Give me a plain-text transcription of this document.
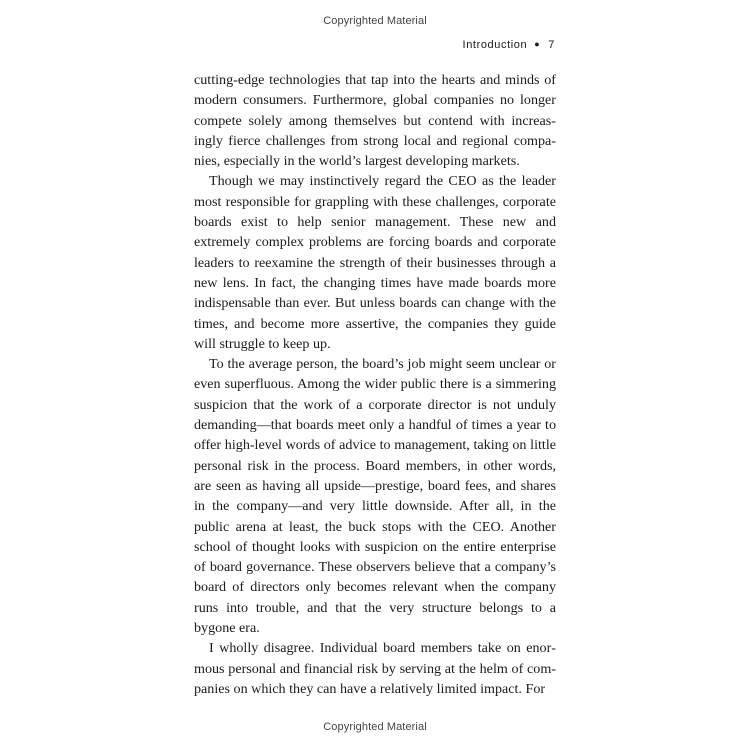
Copyrighted Material
Introduction ● 7

cutting-edge technologies that tap into the hearts and minds of modern consumers. Furthermore, global companies no longer compete solely among themselves but contend with increasingly fierce challenges from strong local and regional companies, especially in the world’s largest developing markets.

Though we may instinctively regard the CEO as the leader most responsible for grappling with these challenges, corporate boards exist to help senior management. These new and extremely complex problems are forcing boards and corporate leaders to reexamine the strength of their businesses through a new lens. In fact, the changing times have made boards more indispensable than ever. But unless boards can change with the times, and become more assertive, the companies they guide will struggle to keep up.

To the average person, the board’s job might seem unclear or even superfluous. Among the wider public there is a simmering suspicion that the work of a corporate director is not unduly demanding—that boards meet only a handful of times a year to offer high-level words of advice to management, taking on little personal risk in the process. Board members, in other words, are seen as having all upside—prestige, board fees, and shares in the company—and very little downside. After all, in the public arena at least, the buck stops with the CEO. Another school of thought looks with suspicion on the entire enterprise of board governance. These observers believe that a company’s board of directors only becomes relevant when the company runs into trouble, and that the very structure belongs to a bygone era.

I wholly disagree. Individual board members take on enormous personal and financial risk by serving at the helm of companies on which they can have a relatively limited impact. For

Copyrighted Material
